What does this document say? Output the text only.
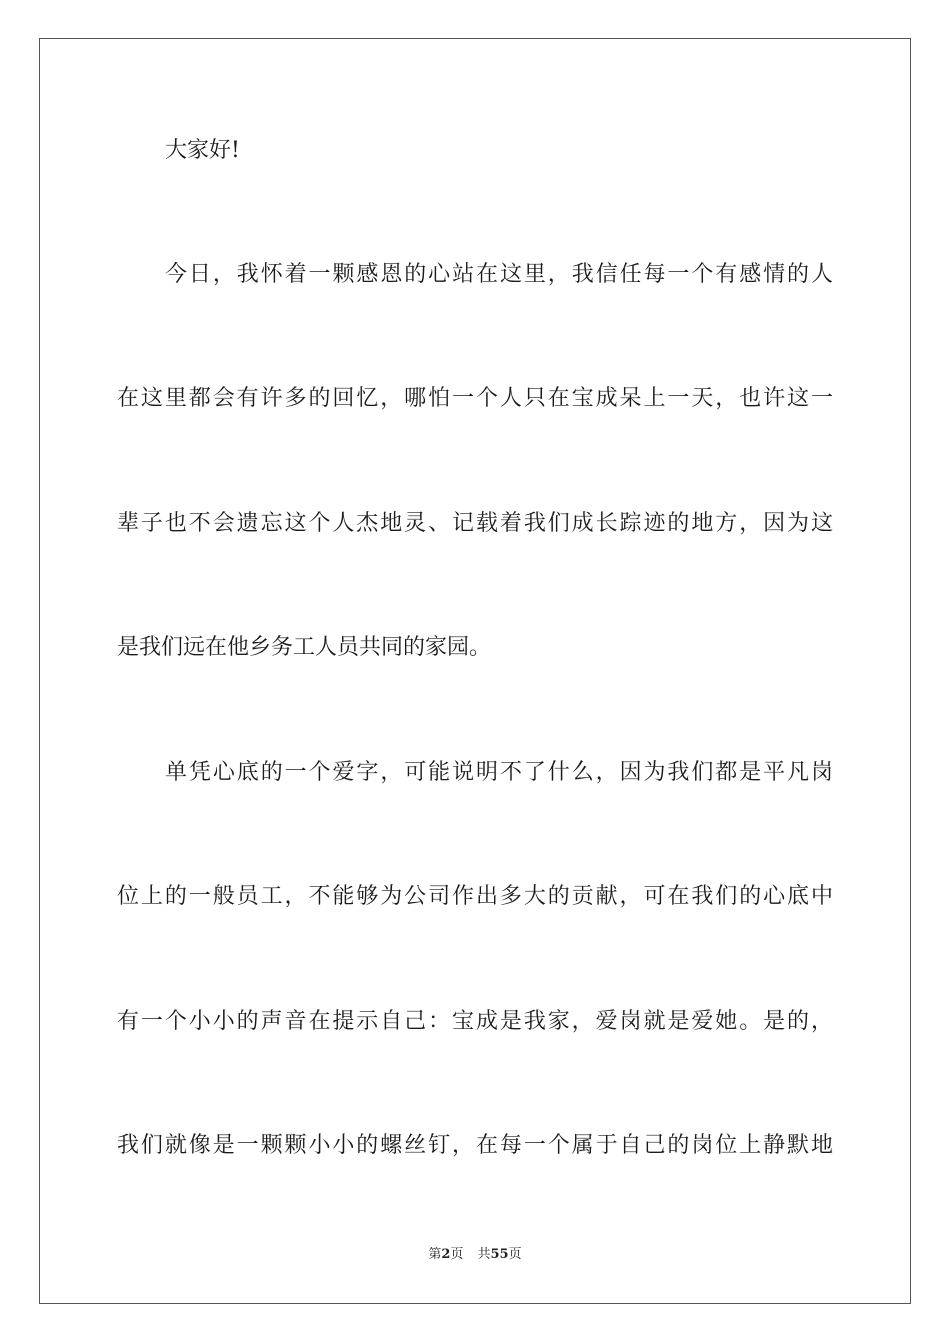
大家好!
今日，我怀着一颗感恩的心站在这里，我信任每一个有感情的人
在这里都会有许多的回忆，哪怕一个人只在宝成呆上一天，也许这一
辈子也不会遗忘这个人杰地灵、记载着我们成长踪迹的地方，因为这
是我们远在他乡务工人员共同的家园。
单凭心底的一个爱字，可能说明不了什么，因为我们都是平凡岗
位上的一般员工，不能够为公司作出多大的贡献，可在我们的心底中
有一个小小的声音在提示自己：宝成是我家，爱岗就是爱她。是的，
我们就像是一颗颗小小的螺丝钉，在每一个属于自己的岗位上静默地
第2页 共55页
